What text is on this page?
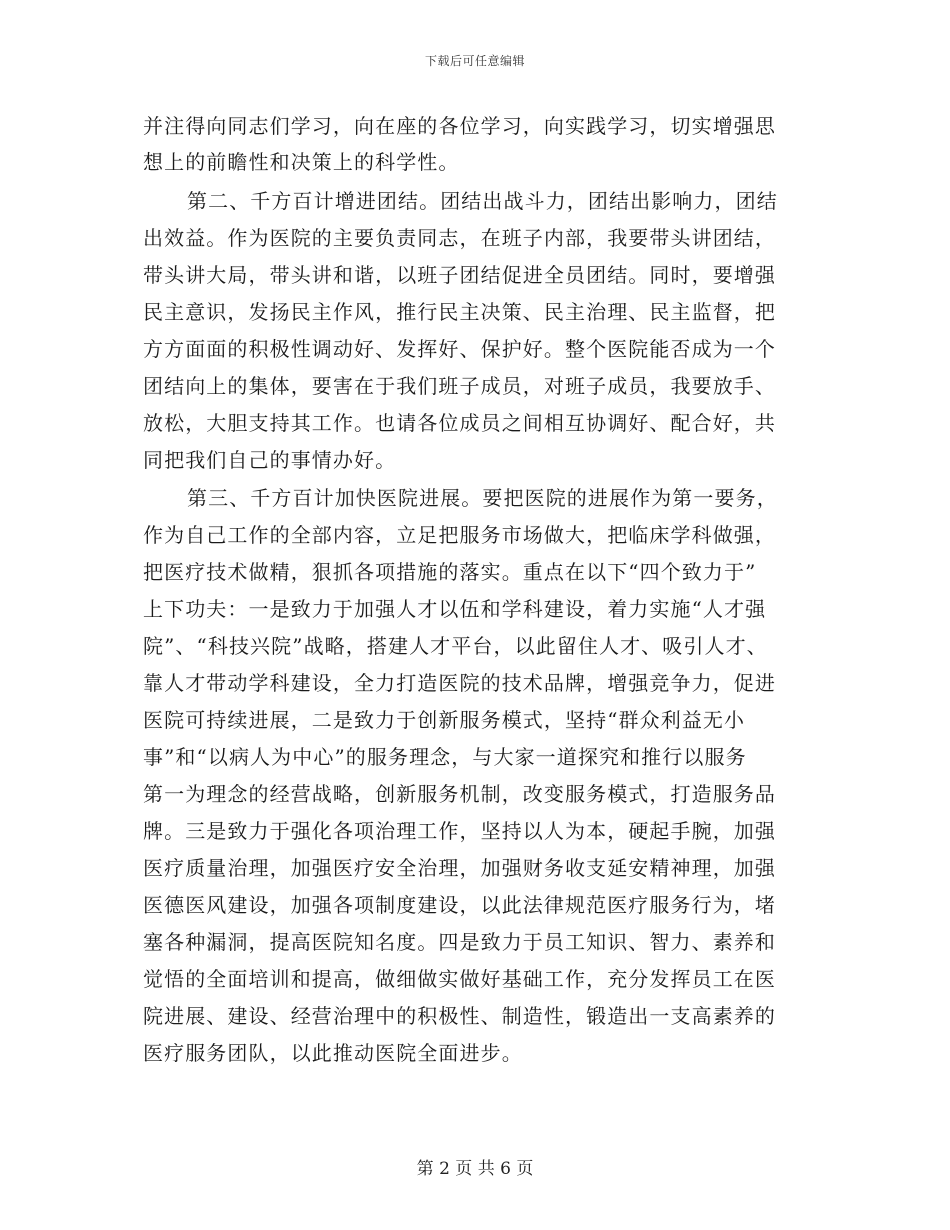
下载后可任意编辑
并注得向同志们学习，向在座的各位学习，向实践学习，切实增强思
想上的前瞻性和决策上的科学性。
第二、千方百计增进团结。团结出战斗力，团结出影响力，团结
出效益。作为医院的主要负责同志，在班子内部，我要带头讲团结，
带头讲大局，带头讲和谐，以班子团结促进全员团结。同时，要增强
民主意识，发扬民主作风，推行民主决策、民主治理、民主监督，把
方方面面的积极性调动好、发挥好、保护好。整个医院能否成为一个
团结向上的集体，要害在于我们班子成员，对班子成员，我要放手、
放松，大胆支持其工作。也请各位成员之间相互协调好、配合好，共
同把我们自己的事情办好。
第三、千方百计加快医院进展。要把医院的进展作为第一要务，
作为自己工作的全部内容，立足把服务市场做大，把临床学科做强，
把医疗技术做精，狠抓各项措施的落实。重点在以下“四个致力于”
上下功夫：一是致力于加强人才以伍和学科建设，着力实施“人才强
院”、“科技兴院”战略，搭建人才平台，以此留住人才、吸引人才、
靠人才带动学科建设，全力打造医院的技术品牌，增强竞争力，促进
医院可持续进展，二是致力于创新服务模式，坚持“群众利益无小
事”和“以病人为中心”的服务理念，与大家一道探究和推行以服务
第一为理念的经营战略，创新服务机制，改变服务模式，打造服务品
牌。三是致力于强化各项治理工作，坚持以人为本，硬起手腕，加强
医疗质量治理，加强医疗安全治理，加强财务收支延安精神理，加强
医德医风建设，加强各项制度建设，以此法律规范医疗服务行为，堵
塞各种漏洞，提高医院知名度。四是致力于员工知识、智力、素养和
觉悟的全面培训和提高，做细做实做好基础工作，充分发挥员工在医
院进展、建设、经营治理中的积极性、制造性，锻造出一支高素养的
医疗服务团队，以此推动医院全面进步。
第 2 页 共 6 页
